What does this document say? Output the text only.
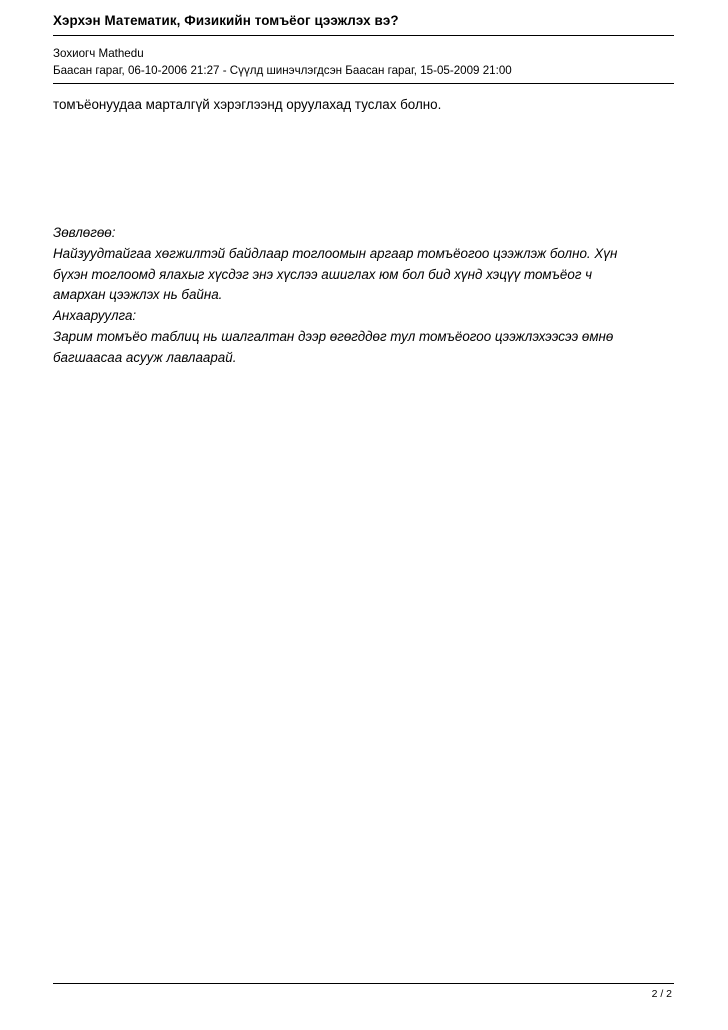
Хэрхэн Математик, Физикийн томъёог цээжлэх вэ?
Зохиогч Mathedu
Баасан гараг, 06-10-2006 21:27 - Сүүлд шинэчлэгдсэн Баасан гараг, 15-05-2009 21:00
томъёонуудаа марталгүй хэрэглээнд оруулахад туслах болно.
Зөвлөгөө:
Найзуудтайгаа хөгжилтэй байдлаар тоглоомын аргаар томъёогоо цээжлэж болно. Хүн
бүхэн тоглоомд ялахыг хүсдэг энэ хүслээ ашиглах юм бол бид хүнд хэцүү томъёог ч
амархан цээжлэх нь байна.
Анхааруулга:
Зарим томъёо таблиц нь шалгалтан дээр өгөгддөг тул томъёогоо цээжлэхээсээ өмнө
багшаасаа асууж лавлаарай.
2 / 2
